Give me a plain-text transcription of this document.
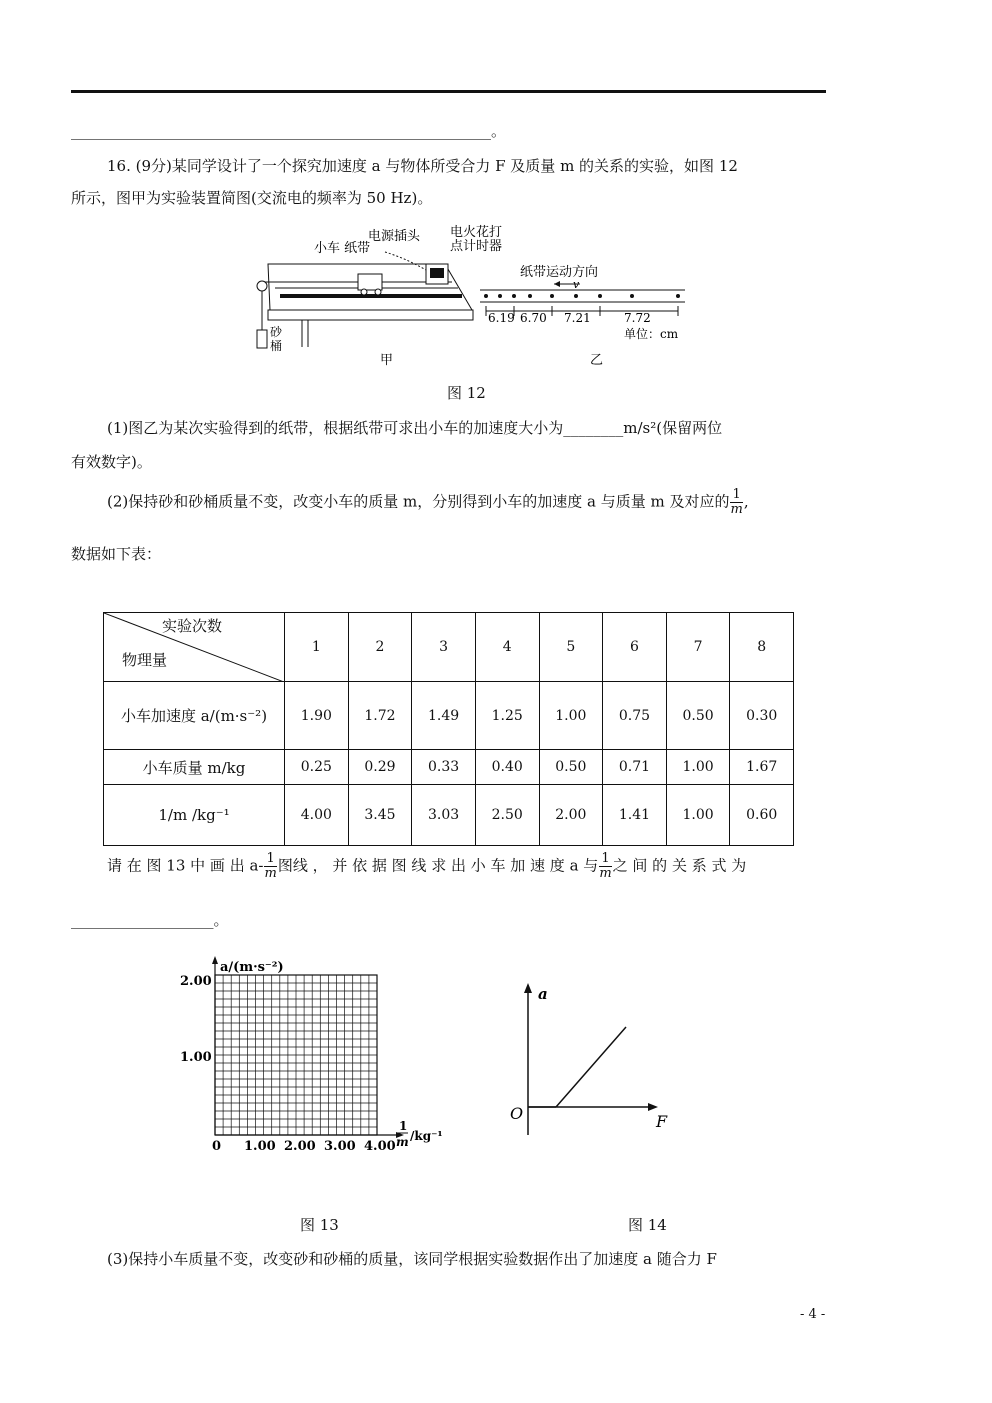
________________________________________________________。
16. (9分)某同学设计了一个探究加速度 a 与物体所受合力 F 及质量 m 的关系的实验，如图 12
所示，图甲为实验装置简图(交流电的频率为 50 Hz)。
砂
桶
小车 纸带
电源插头 电火花打
点计时器
甲
纸带运动方向
v
6.19 6.70 7.21	7.72
单位：cm
乙
图 12
(1)图乙为某次实验得到的纸带，根据纸带可求出小车的加速度大小为________m/s²(保留两位
有效数字)。
(2)保持砂和砂桶质量不变，改变小车的质量 m，分别得到小车的加速度 a 与质量 m 及对应的 $\frac{1}{m}$ ,
数据如下表：
实验次数
物理量	1	2	3	4	5	6	7	8
小车加速度 a/(m·s⁻²)	1.90	1.72	1.49	1.25	1.00	0.75	0.50	0.30
小车质量 m/kg	0.25	0.29	0.33	0.40	0.50	0.71	1.00	1.67
1/m /kg⁻¹	4.00	3.45	3.03	2.50	2.00	1.41	1.00	0.60
请 在 图 13 中 画 出 $a- \frac{1}{m}$ 图线 ， 并 依 据 图 线 求 出 小 车 加 速 度 a 与 $\frac{1}{m}$ 之 间 的 关 系 式 为
___________________。
a/(m·s⁻²)
2.00
1.00
0 1.00 2.00 3.00 4.00
1
m /kg⁻¹
a
O	F
图 13	图 14
(3)保持小车质量不变，改变砂和砂桶的质量，该同学根据实验数据作出了加速度 a 随合力 F
- 4 -
